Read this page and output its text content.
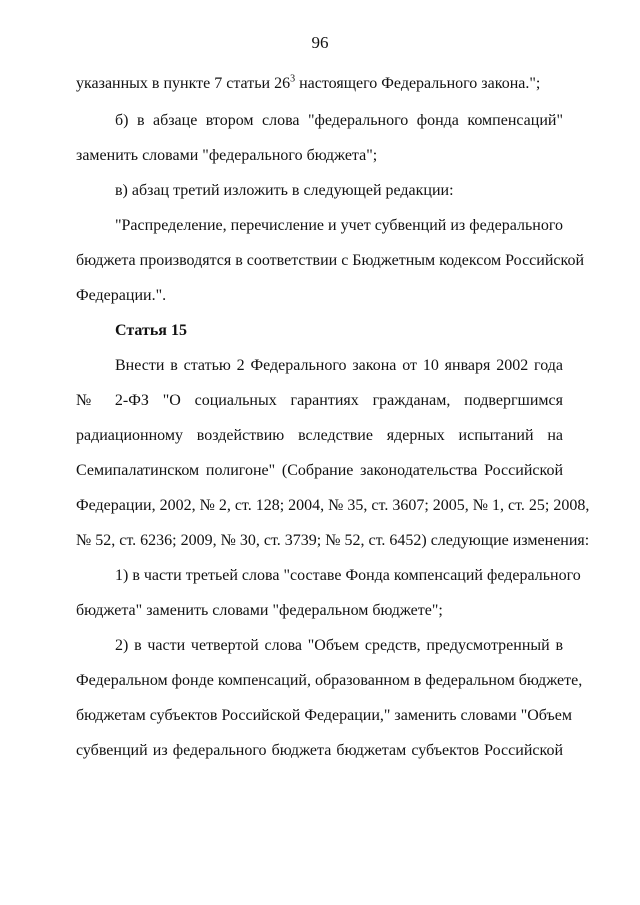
96
указанных в пункте 7 статьи $26^3$ настоящего Федерального закона.";
б) в абзаце втором слова "федерального фонда компенсаций"
заменить словами "федерального бюджета";
в) абзац третий изложить в следующей редакции:
"Распределение, перечисление и учет субвенций из федерального
бюджета производятся в соответствии с Бюджетным кодексом Российской
Федерации.".
Статья 15
Внести в статью 2 Федерального закона от 10 января 2002 года
№ 2-ФЗ "О социальных гарантиях гражданам, подвергшимся
радиационному воздействию вследствие ядерных испытаний на
Семипалатинском полигоне" (Собрание законодательства Российской
Федерации, 2002, № 2, ст. 128; 2004, № 35, ст. 3607; 2005, № 1, ст. 25; 2008,
№ 52, ст. 6236; 2009, № 30, ст. 3739; № 52, ст. 6452) следующие изменения:
1) в части третьей слова "составе Фонда компенсаций федерального
бюджета" заменить словами "федеральном бюджете";
2) в части четвертой слова "Объем средств, предусмотренный в
Федеральном фонде компенсаций, образованном в федеральном бюджете,
бюджетам субъектов Российской Федерации," заменить словами "Объем
субвенций из федерального бюджета бюджетам субъектов Российской
